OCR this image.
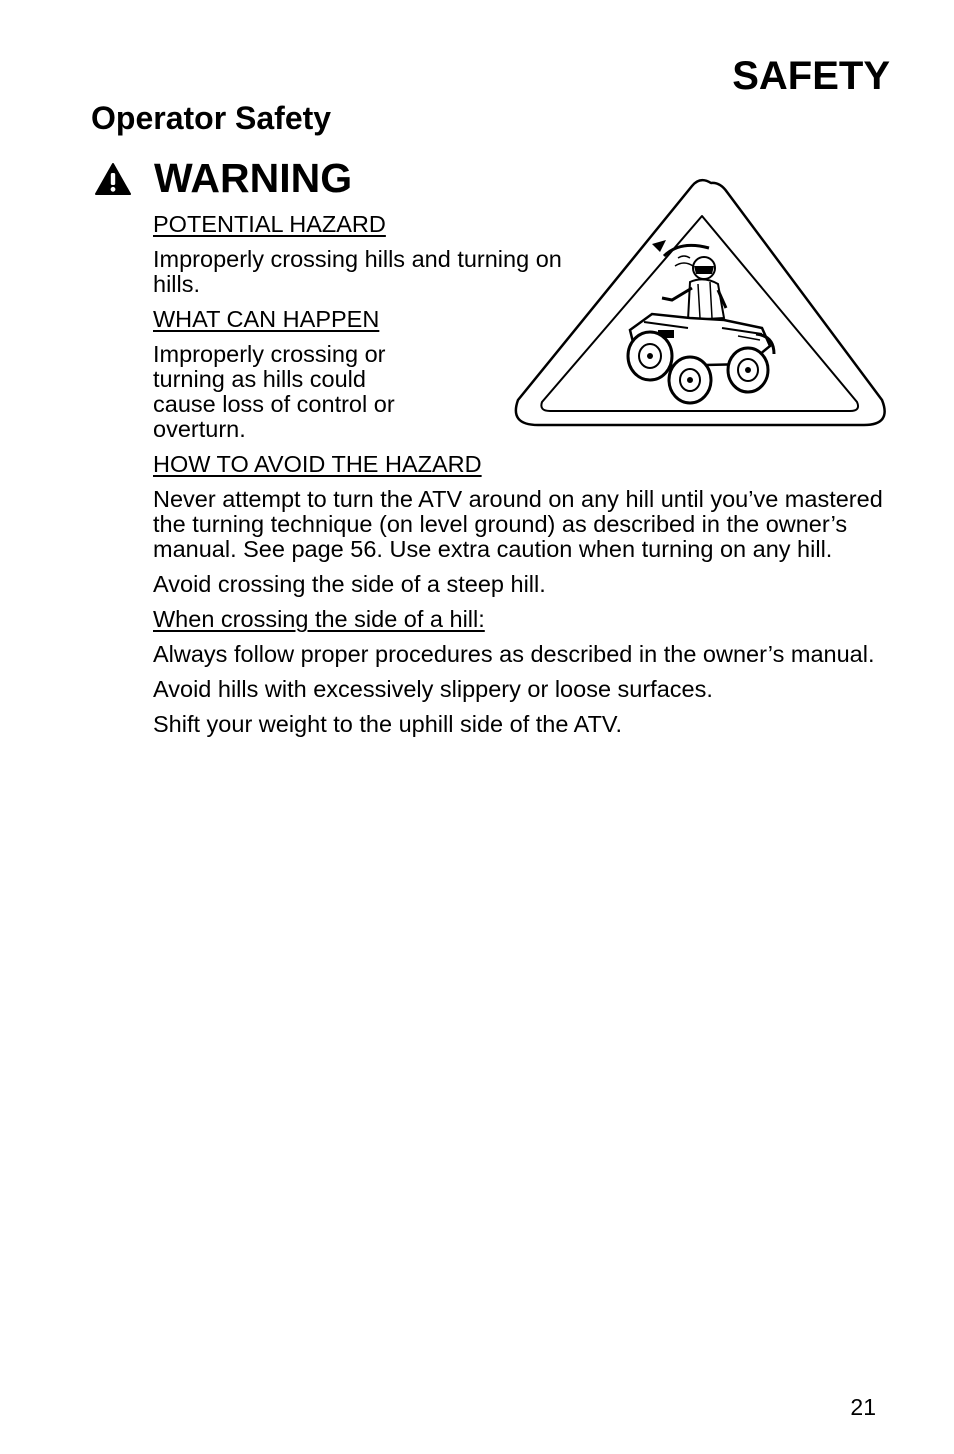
SAFETY
Operator Safety
WARNING

POTENTIAL HAZARD

Improperly crossing hills and turning on hills.

WHAT CAN HAPPEN

Improperly crossing or turning as hills could cause loss of control or overturn.

HOW TO AVOID THE HAZARD

Never attempt to turn the ATV around on any hill until you’ve mastered the turning technique (on level ground) as described in the owner’s manual. See page 56. Use extra caution when turning on any hill.

Avoid crossing the side of a steep hill.

When crossing the side of a hill:

Always follow proper procedures as described in the owner’s manual.

Avoid hills with excessively slippery or loose surfaces.

Shift your weight to the uphill side of the ATV.

21
